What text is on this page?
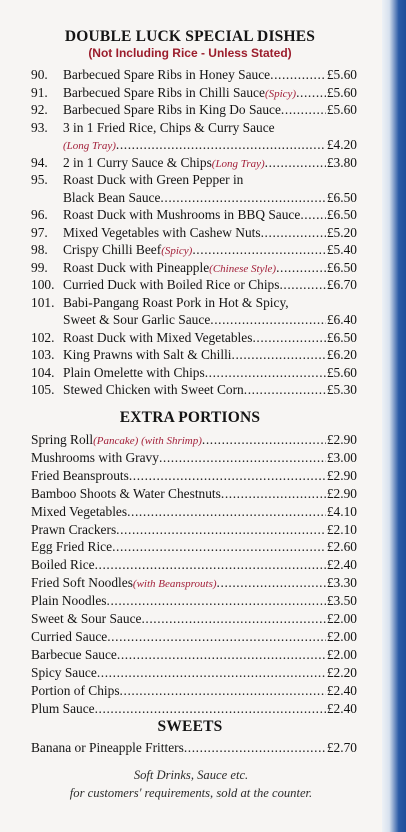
DOUBLE LUCK SPECIAL DISHES
(Not Including Rice - Unless Stated)
90.	Barbecued Spare Ribs in Honey Sauce .....	£5.60
91.	Barbecued Spare Ribs in Chilli Sauce (Spicy) ..... £5.60
92.	Barbecued Spare Ribs in King Do Sauce .....	£5.60
93.	3 in 1 Fried Rice, Chips & Curry Sauce
(Long Tray) .....	£4.20
94.	2 in 1 Curry Sauce & Chips (Long Tray) .....	£3.80
95.	Roast Duck with Green Pepper in
Black Bean Sauce .....	£6.50
96.	Roast Duck with Mushrooms in BBQ Sauce ..... £6.50
97.	Mixed Vegetables with Cashew Nuts .....	£5.20
98.	Crispy Chilli Beef (Spicy) .....	£5.40
99.	Roast Duck with Pineapple (Chinese Style) .....	£6.50
100. Curried Duck with Boiled Rice or Chips .....	£6.70
101. Babi-Pangang Roast Pork in Hot & Spicy,
Sweet & Sour Garlic Sauce .....	£6.40
102. Roast Duck with Mixed Vegetables .....	£6.50
103. King Prawns with Salt & Chilli .....	£6.20
104. Plain Omelette with Chips .....	£5.60
105. Stewed Chicken with Sweet Corn .....	£5.30
EXTRA PORTIONS
Spring Roll (Pancake) (with Shrimp) .....	£2.90
Mushrooms with Gravy .....	£3.00
Fried Beansprouts .....	£2.90
Bamboo Shoots & Water Chestnuts .....	£2.90
Mixed Vegetables .....	£4.10
Prawn Crackers .....	£2.10
Egg Fried Rice .....	£2.60
Boiled Rice .....	£2.40
Fried Soft Noodles (with Beansprouts) .....	£3.30
Plain Noodles .....	£3.50
Sweet & Sour Sauce .....	£2.00
Curried Sauce .....	£2.00
Barbecue Sauce .....	£2.00
Spicy Sauce .....	£2.20
Portion of Chips .....	£2.40
Plum Sauce .....	£2.40
SWEETS
Banana or Pineapple Fritters .....	£2.70
Soft Drinks, Sauce etc.
for customers' requirements, sold at the counter.
